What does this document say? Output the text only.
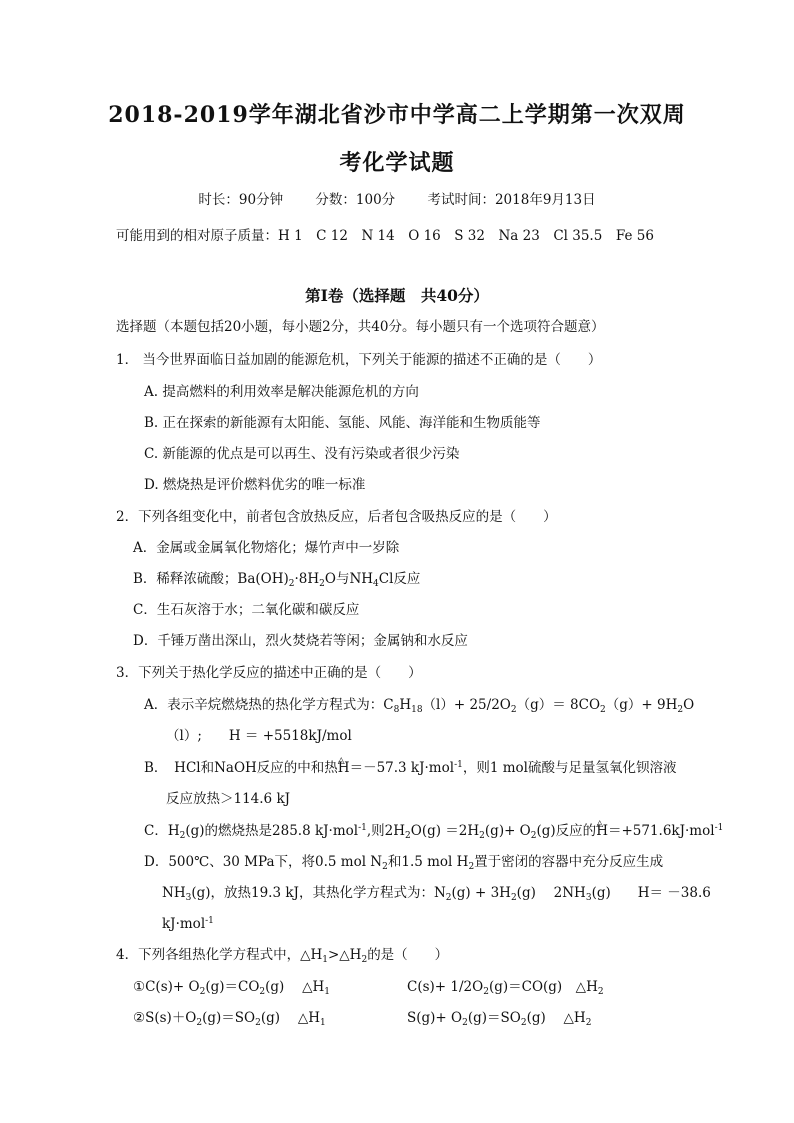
2018-2019学年湖北省沙市中学高二上学期第一次双周
考化学试题
时长：90分钟 分数：100分 考试时间：2018年9月13日
可能用到的相对原子质量：H 1　C 12　N 14　O 16　S 32　Na 23　Cl 35.5　Fe 56
第Ⅰ卷（选择题　共40分）
选择题（本题包括20小题，每小题2分，共40分。每小题只有一个选项符合题意）
1． 当今世界面临日益加剧的能源危机，下列关于能源的描述不正确的是（　　）
A. 提高燃料的利用效率是解决能源危机的方向
B. 正在探索的新能源有太阳能、氢能、风能、海洋能和生物质能等
C. 新能源的优点是可以再生、没有污染或者很少污染
D. 燃烧热是评价燃料优劣的唯一标准
2．下列各组变化中，前者包含放热反应，后者包含吸热反应的是（　　）
A．金属或金属氧化物熔化；爆竹声中一岁除
B．稀释浓硫酸；$Ba(OH)_2\cdot 8H_2O$与$NH_4Cl$反应
C．生石灰溶于水；二氧化碳和碳反应
D．千锤万凿出深山，烈火焚烧若等闲；金属钠和水反应
3．下列关于热化学反应的描述中正确的是（　　）
A．表示辛烷燃烧热的热化学方程式为：$C_8H_{18}(l)+ 25/2O_2(g)= 8CO_2(g)+ 9H_2O$
（l）;　　H ＝ +5518kJ/mol
B．　HCl和NaOH反应的中和热H＝－57.3 kJ·mol$^{-1}$，则1 mol硫酸与足量氢氧化钡溶液
反应放热＞114.6 kJ
C．$H_2(g)$的燃烧热是285.8 kJ·mol$^{-1}$,则$2H_2O(g) =2H_2(g)+ O_2(g)$反应的H＝+571.6kJ·mol$^{-1}$
D．500℃、30 MPa下，将0.5 mol $N_2$和1.5 mol $H_2$置于密闭的容器中充分反应生成
$NH_3(g)$，放热19.3 kJ，其热化学方程式为：$N_2(g) + 3H_2(g)$　 $2NH_3(g)$　　H＝ －38.6
kJ·mol$^{-1}$
4．下列各组热化学方程式中，$\triangle H_1>\triangle H_2$的是（　　）
①C(s)+ $O_2(g)=CO_2(g)$　 $\triangle H_1$	$C(s)+ 1/2O_2(g)=CO(g)$　$\triangle H_2$
$②S(s)+O_2(g)=SO_2(g)$　 $\triangle H_1$	$S(g)+ O_2(g)=SO_2(g)$　 $\triangle H_2$
